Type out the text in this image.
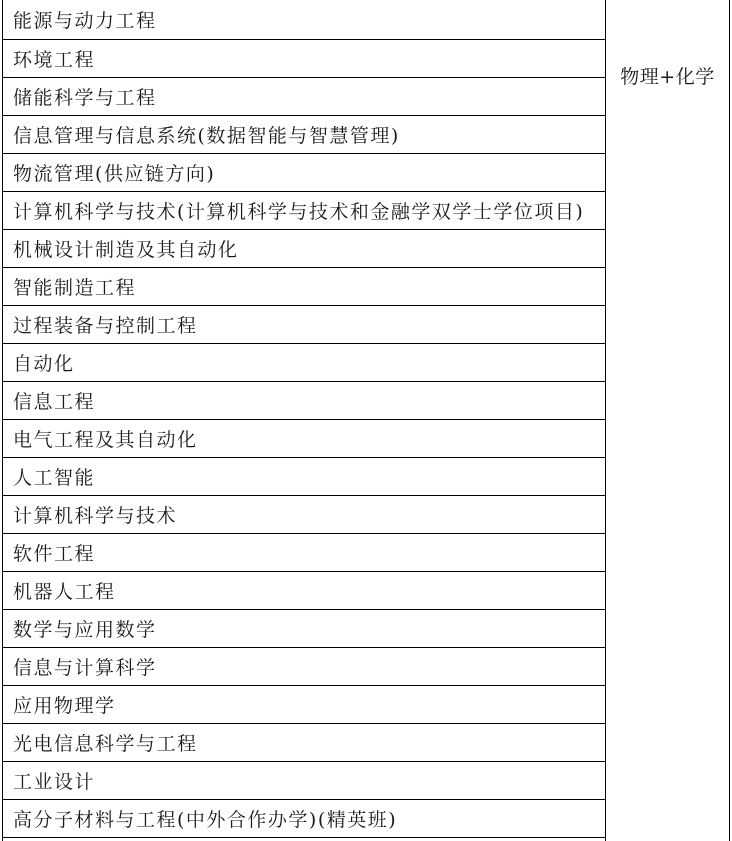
能源与动力工程
环境工程
储能科学与工程
信息管理与信息系统(数据智能与智慧管理)
物流管理(供应链方向)
计算机科学与技术(计算机科学与技术和金融学双学士学位项目)
机械设计制造及其自动化
智能制造工程
过程装备与控制工程
自动化
信息工程
电气工程及其自动化
人工智能
计算机科学与技术
软件工程
机器人工程
数学与应用数学
信息与计算科学
应用物理学
光电信息科学与工程
工业设计
高分子材料与工程(中外合作办学)(精英班)
物理+化学
